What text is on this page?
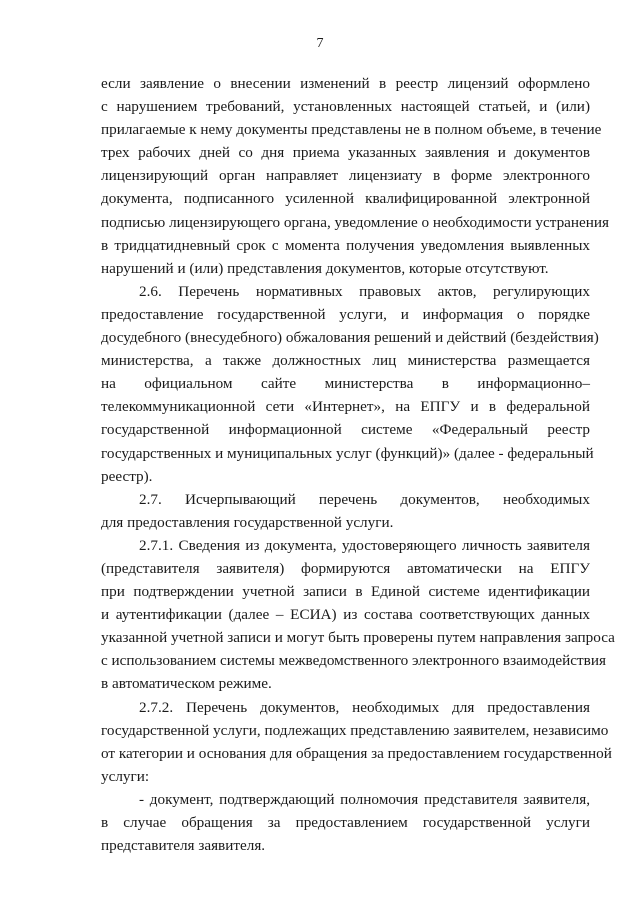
7
если заявление о внесении изменений в реестр лицензий оформлено
с нарушением требований, установленных настоящей статьей, и (или)
прилагаемые к нему документы представлены не в полном объеме, в течение
трех рабочих дней со дня приема указанных заявления и документов
лицензирующий орган направляет лицензиату в форме электронного
документа, подписанного усиленной квалифицированной электронной
подписью лицензирующего органа, уведомление о необходимости устранения
в тридцатидневный срок с момента получения уведомления выявленных
нарушений и (или) представления документов, которые отсутствуют.
2.6. Перечень нормативных правовых актов, регулирующих
предоставление государственной услуги, и информация о порядке
досудебного (внесудебного) обжалования решений и действий (бездействия)
министерства, а также должностных лиц министерства размещается
на официальном сайте министерства в информационно–
телекоммуникационной сети «Интернет», на ЕПГУ и в федеральной
государственной информационной системе «Федеральный реестр
государственных и муниципальных услуг (функций)» (далее - федеральный
реестр).
2.7. Исчерпывающий перечень документов, необходимых
для предоставления государственной услуги.
2.7.1. Сведения из документа, удостоверяющего личность заявителя
(представителя заявителя) формируются автоматически на ЕПГУ
при подтверждении учетной записи в Единой системе идентификации
и аутентификации (далее – ЕСИА) из состава соответствующих данных
указанной учетной записи и могут быть проверены путем направления запроса
с использованием системы межведомственного электронного взаимодействия
в автоматическом режиме.
2.7.2. Перечень документов, необходимых для предоставления
государственной услуги, подлежащих представлению заявителем, независимо
от категории и основания для обращения за предоставлением государственной
услуги:
- документ, подтверждающий полномочия представителя заявителя,
в случае обращения за предоставлением государственной услуги
представителя заявителя.
